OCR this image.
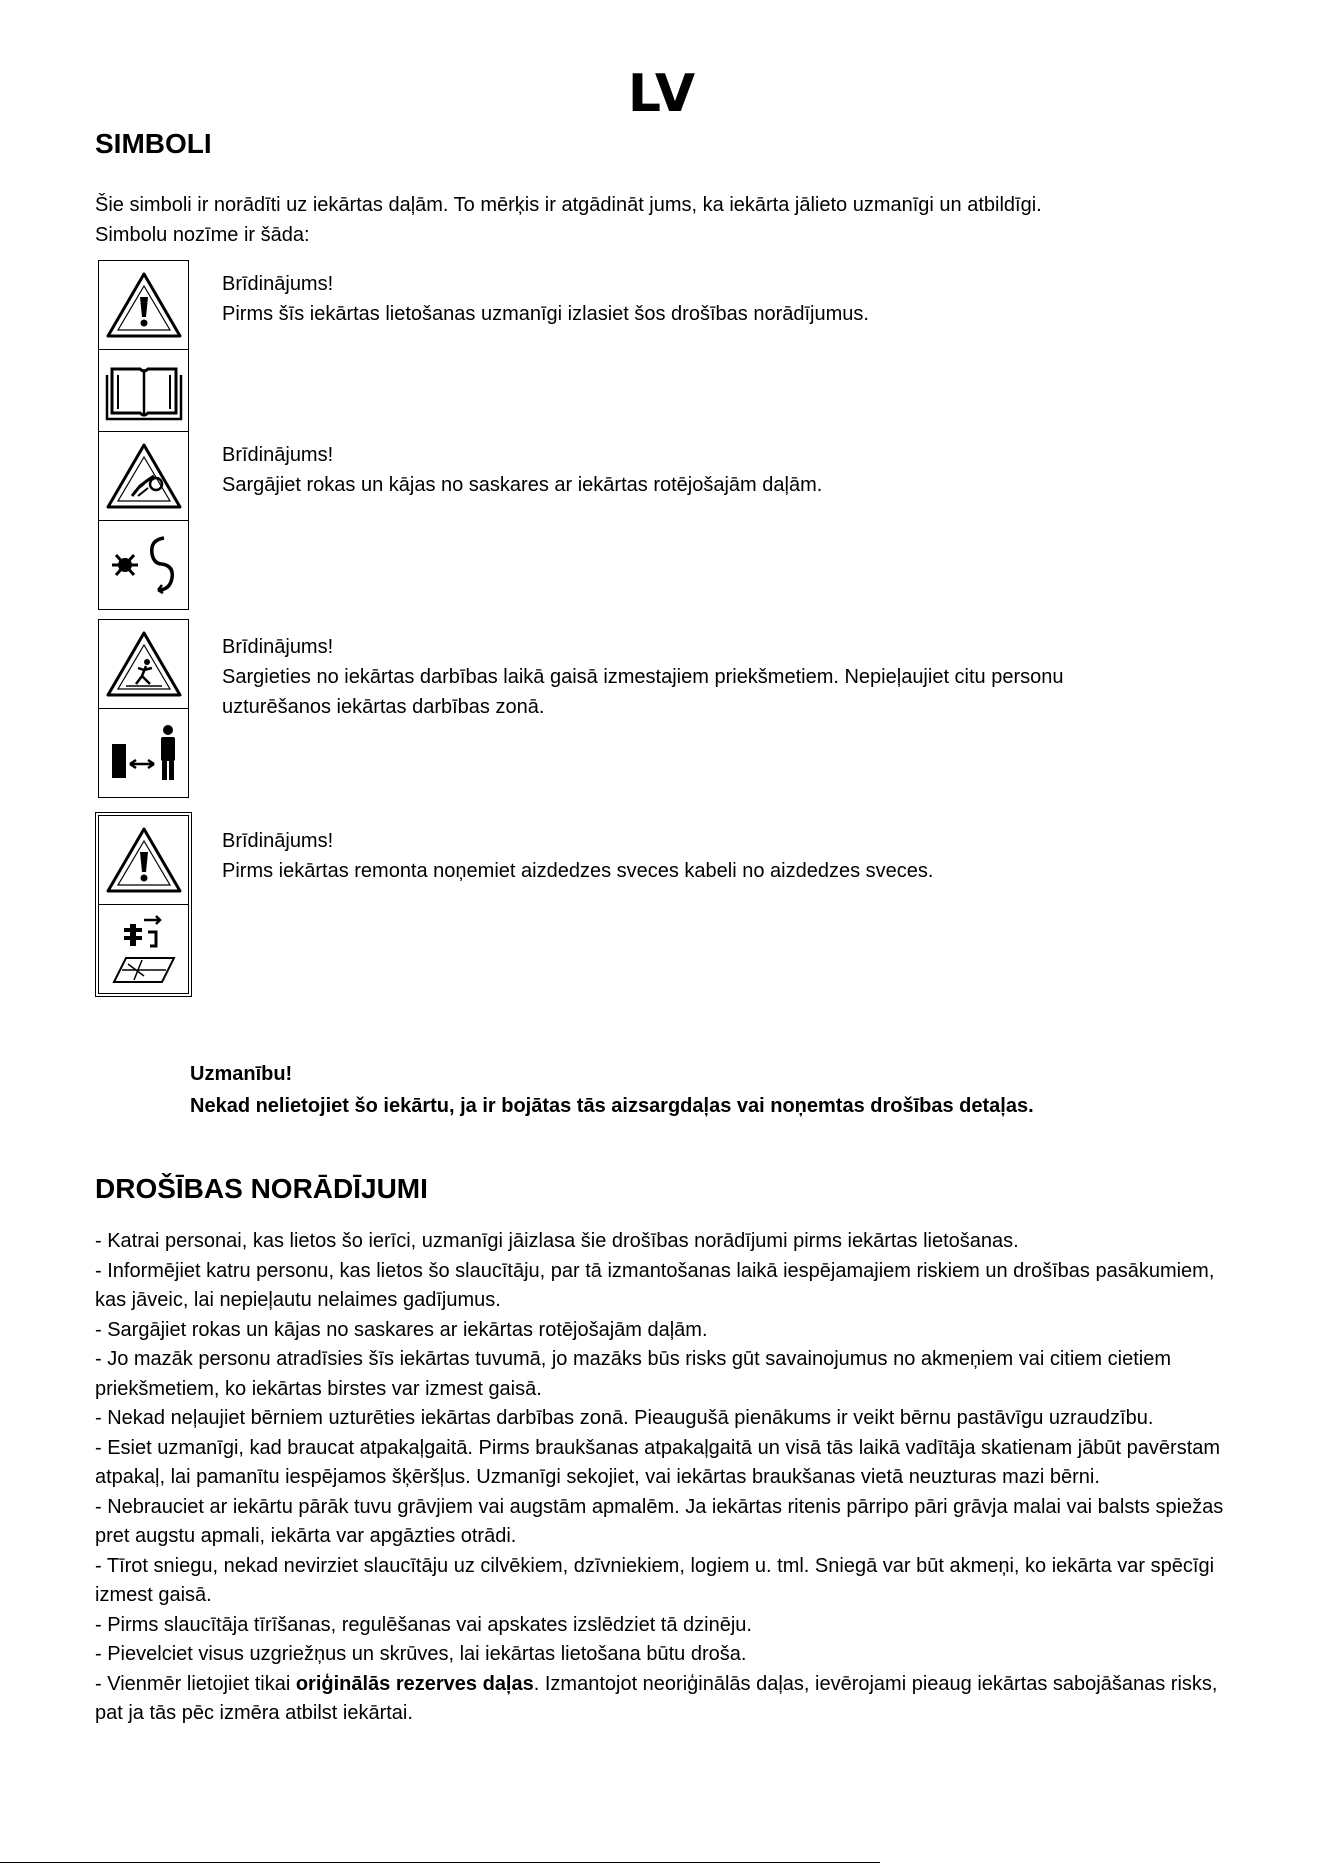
LV
SIMBOLI
Šie simboli ir norādīti uz iekārtas daļām. To mērķis ir atgādināt jums, ka iekārta jālieto uzmanīgi un atbildīgi.
Simbolu nozīme ir šāda:
Brīdinājums!
Pirms šīs iekārtas lietošanas uzmanīgi izlasiet šos drošības norādījumus.
Brīdinājums!
Sargājiet rokas un kājas no saskares ar iekārtas rotējošajām daļām.
Brīdinājums!
Sargieties no iekārtas darbības laikā gaisā izmestajiem priekšmetiem. Nepieļaujiet citu personu
uzturēšanos iekārtas darbības zonā.
Brīdinājums!
Pirms iekārtas remonta noņemiet aizdedzes sveces kabeli no aizdedzes sveces.
Uzmanību!
Nekad nelietojiet šo iekārtu, ja ir bojātas tās aizsargdaļas vai noņemtas drošības detaļas.
DROŠĪBAS NORĀDĪJUMI

- Katrai personai, kas lietos šo ierīci, uzmanīgi jāizlasa šie drošības norādījumi pirms iekārtas lietošanas.

- Informējiet katru personu, kas lietos šo slaucītāju, par tā izmantošanas laikā iespējamajiem riskiem un drošības pasākumiem, kas jāveic, lai nepieļautu nelaimes gadījumus.

- Sargājiet rokas un kājas no saskares ar iekārtas rotējošajām daļām.

- Jo mazāk personu atradīsies šīs iekārtas tuvumā, jo mazāks būs risks gūt savainojumus no akmeņiem vai citiem cietiem priekšmetiem, ko iekārtas birstes var izmest gaisā.

- Nekad neļaujiet bērniem uzturēties iekārtas darbības zonā. Pieaugušā pienākums ir veikt bērnu pastāvīgu uzraudzību.

- Esiet uzmanīgi, kad braucat atpakaļgaitā. Pirms braukšanas atpakaļgaitā un visā tās laikā vadītāja skatienam jābūt pavērstam atpakaļ, lai pamanītu iespējamos šķēršļus. Uzmanīgi sekojiet, vai iekārtas braukšanas vietā neuzturas mazi bērni.

- Nebrauciet ar iekārtu pārāk tuvu grāvjiem vai augstām apmalēm. Ja iekārtas ritenis pārripo pāri grāvja malai vai balsts spiežas pret augstu apmali, iekārta var apgāzties otrādi.

- Tīrot sniegu, nekad nevirziet slaucītāju uz cilvēkiem, dzīvniekiem, logiem u. tml. Sniegā var būt akmeņi, ko iekārta var spēcīgi izmest gaisā.

- Pirms slaucītāja tīrīšanas, regulēšanas vai apskates izslēdziet tā dzinēju.

- Pievelciet visus uzgriežņus un skrūves, lai iekārtas lietošana būtu droša.

- Vienmēr lietojiet tikai oriģinālās rezerves daļas. Izmantojot neoriģinālās daļas, ievērojami pieaug iekārtas sabojāšanas risks, pat ja tās pēc izmēra atbilst iekārtai.
